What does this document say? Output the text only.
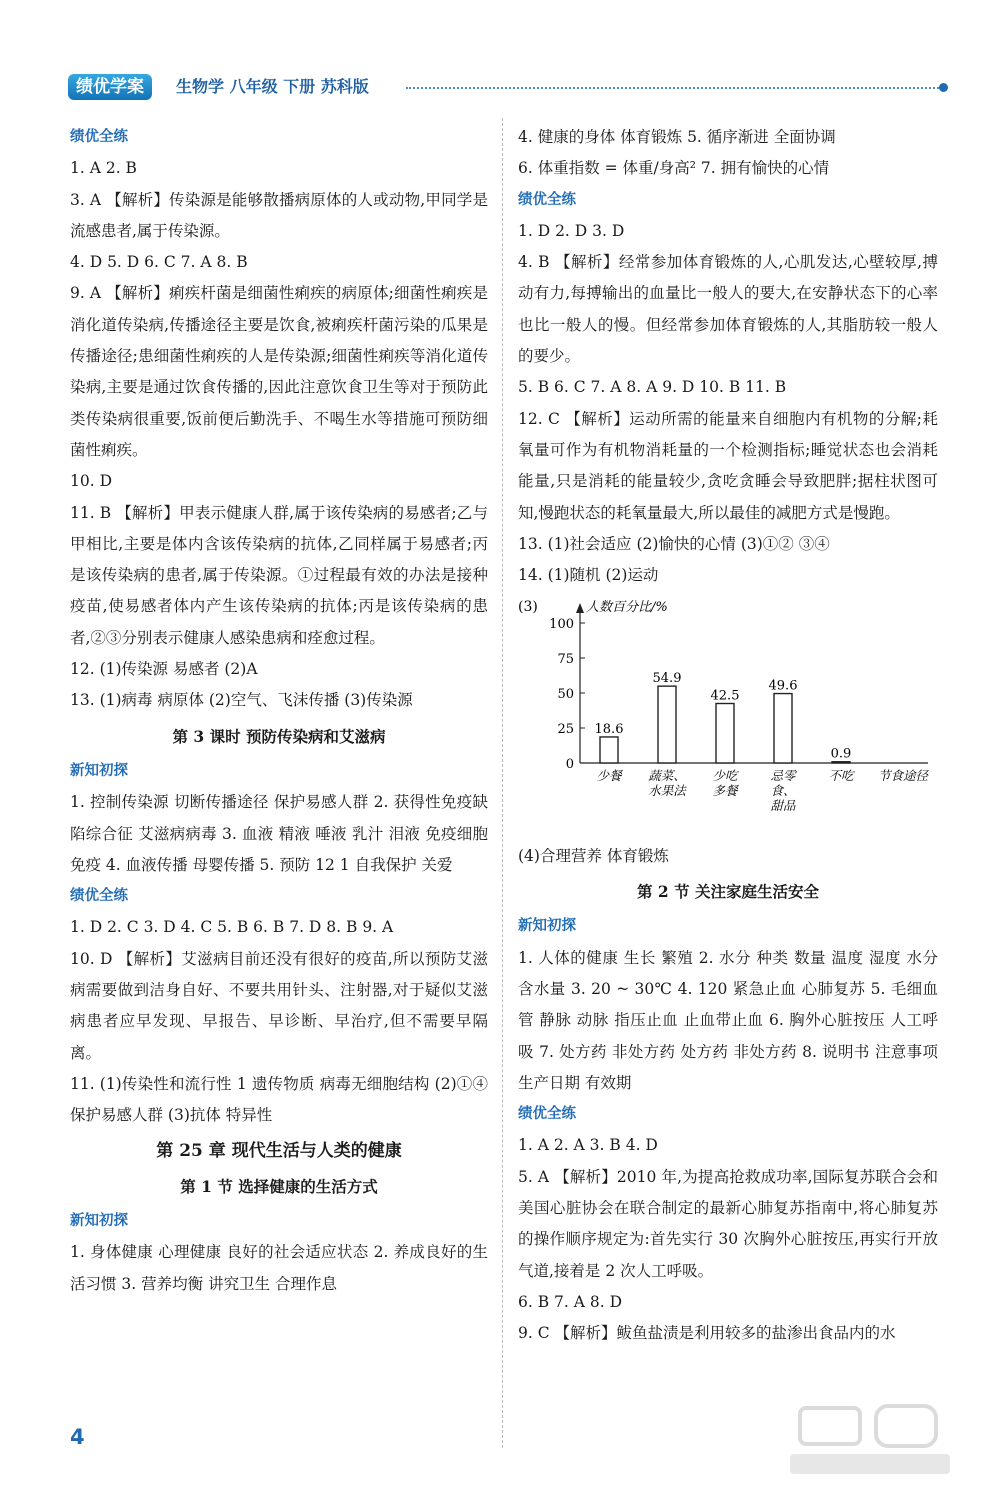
绩优学案	生物学 八年级 下册 苏科版

绩优全练

1. A 2. B

3. A 【解析】传染源是能够散播病原体的人或动物,甲同学是流感患者,属于传染源。

4. D 5. D 6. C 7. A 8. B

9. A 【解析】痢疾杆菌是细菌性痢疾的病原体;细菌性痢疾是消化道传染病,传播途径主要是饮食,被痢疾杆菌污染的瓜果是传播途径;患细菌性痢疾的人是传染源;细菌性痢疾等消化道传染病,主要是通过饮食传播的,因此注意饮食卫生等对于预防此类传染病很重要,饭前便后勤洗手、不喝生水等措施可预防细菌性痢疾。

10. D

11. B 【解析】甲表示健康人群,属于该传染病的易感者;乙与甲相比,主要是体内含该传染病的抗体,乙同样属于易感者;丙是该传染病的患者,属于传染源。①过程最有效的办法是接种疫苗,使易感者体内产生该传染病的抗体;丙是该传染病的患者,②③分别表示健康人感染患病和痊愈过程。

12. (1)传染源 易感者 (2)A

13. (1)病毒 病原体 (2)空气、飞沫传播 (3)传染源

第 3 课时 预防传染病和艾滋病

新知初探

1. 控制传染源 切断传播途径 保护易感人群 2. 获得性免疫缺陷综合征 艾滋病病毒 3. 血液 精液 唾液 乳汁 泪液 免疫细胞 免疫 4. 血液传播 母婴传播 5. 预防 12 1 自我保护 关爱

绩优全练

1. D 2. C 3. D 4. C 5. B 6. B 7. D 8. B 9. A

10. D 【解析】艾滋病目前还没有很好的疫苗,所以预防艾滋病需要做到洁身自好、不要共用针头、注射器,对于疑似艾滋病患者应早发现、早报告、早诊断、早治疗,但不需要早隔离。

11. (1)传染性和流行性 1 遗传物质 病毒无细胞结构 (2)①④ 保护易感人群 (3)抗体 特异性

第 25 章 现代生活与人类的健康

第 1 节 选择健康的生活方式

新知初探

1. 身体健康 心理健康 良好的社会适应状态 2. 养成良好的生活习惯 3. 营养均衡 讲究卫生 合理作息

4. 健康的身体 体育锻炼 5. 循序渐进 全面协调

6. 体重指数 = 体重/身高² 7. 拥有愉快的心情

绩优全练

1. D 2. D 3. D

4. B 【解析】经常参加体育锻炼的人,心肌发达,心壁较厚,搏动有力,每搏输出的血量比一般人的要大,在安静状态下的心率也比一般人的慢。但经常参加体育锻炼的人,其脂肪较一般人的要少。

5. B 6. C 7. A 8. A 9. D 10. B 11. B

12. C 【解析】运动所需的能量来自细胞内有机物的分解;耗氧量可作为有机物消耗量的一个检测指标;睡觉状态也会消耗能量,只是消耗的能量较少,贪吃贪睡会导致肥胖;据柱状图可知,慢跑状态的耗氧量最大,所以最佳的减肥方式是慢跑。

13. (1)社会适应 (2)愉快的心情 (3)①② ③④

14. (1)随机 (2)运动

(3)	人数百分比/%
0
25
50
75
100
18.6
少餐
54.9
蔬菜、
水果法
42.5
少吃
多餐
49.6
忌零
食、
甜品
0.9
不吃 节食途径

(4)合理营养 体育锻炼

第 2 节 关注家庭生活安全

新知初探

1. 人体的健康 生长 繁殖 2. 水分 种类 数量 温度 湿度 水分 含水量 3. 20 ~ 30℃ 4. 120 紧急止血 心肺复苏 5. 毛细血管 静脉 动脉 指压止血 止血带止血 6. 胸外心脏按压 人工呼吸 7. 处方药 非处方药 处方药 非处方药 8. 说明书 注意事项 生产日期 有效期

绩优全练

1. A 2. A 3. B 4. D

5. A 【解析】2010 年,为提高抢救成功率,国际复苏联合会和美国心脏协会在联合制定的最新心肺复苏指南中,将心肺复苏的操作顺序规定为:首先实行 30 次胸外心脏按压,再实行开放气道,接着是 2 次人工呼吸。

6. B 7. A 8. D

9. C 【解析】鲅鱼盐渍是利用较多的盐渗出食品内的水

4
